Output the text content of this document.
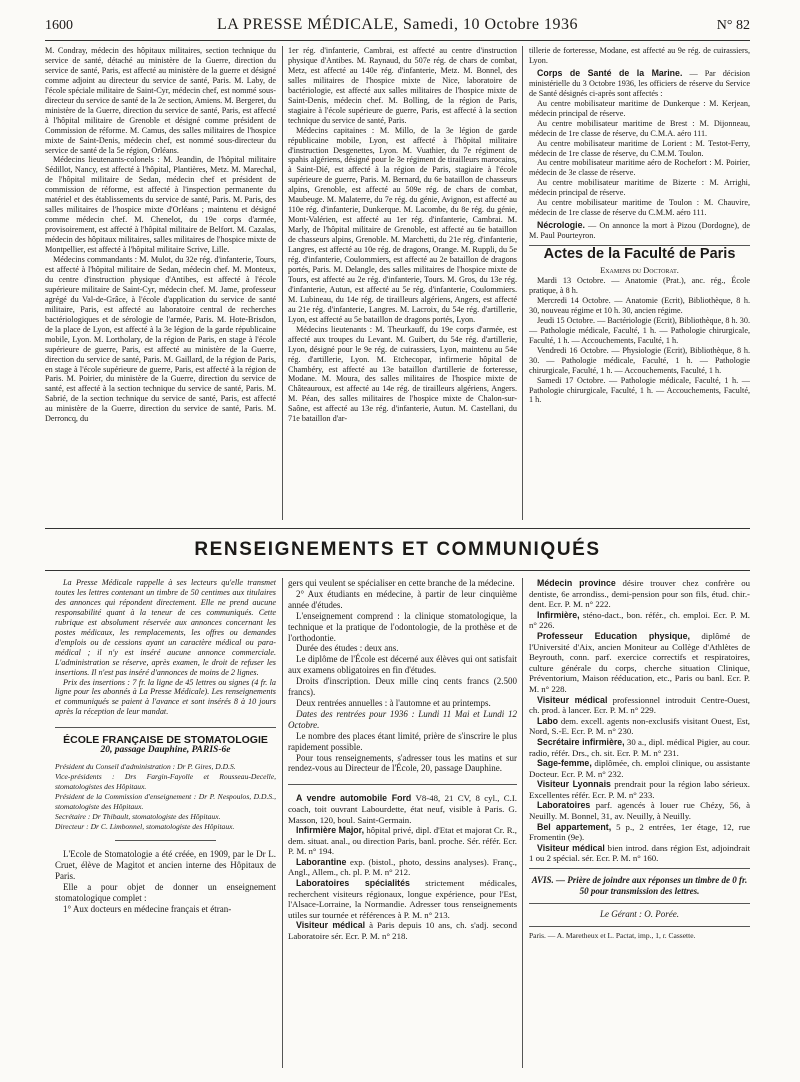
1600	LA PRESSE MÉDICALE, Samedi, 10 Octobre 1936	N° 82

M. Condray, médecin des hôpitaux militaires, section technique du service de santé, détaché au ministère de la Guerre, direction du service de santé, Paris, est affecté au ministère de la guerre et désigné comme adjoint au directeur du service de santé, Paris. M. Laby, de l'école spéciale militaire de Saint-Cyr, médecin chef, est nommé sous-directeur du service de santé de la 2e section, Amiens. M. Bergeret, du ministère de la Guerre, direction du service de santé, Paris, est affecté à l'hôpital militaire de Grenoble et désigné comme président de Commission de réforme. M. Camus, des salles militaires de l'hospice mixte de Saint-Denis, médecin chef, est nommé sous-directeur du service de santé de la 5e région, Orléans.

Médecins lieutenants-colonels : M. Jeandin, de l'hôpital militaire Sédillot, Nancy, est affecté à l'hôpital, Plantières, Metz. M. Marechal, de l'hôpital militaire de Sedan, médecin chef et président de commission de réforme, est affecté à l'inspection permanente du matériel et des établissements du service de santé, Paris. M. Paris, des salles militaires de l'hospice mixte d'Orléans ; maintenu et désigné comme médecin chef. M. Chenelot, du 19e corps d'armée, provisoirement, est affecté à l'hôpital militaire de Belfort. M. Cazalas, médecin des hôpitaux militaires, salles militaires de l'hospice mixte de Montpellier, est affecté à l'hôpital militaire Scrive, Lille.

Médecins commandants : M. Mulot, du 32e rég. d'infanterie, Tours, est affecté à l'hôpital militaire de Sedan, médecin chef. M. Monteux, du centre d'instruction physique d'Antibes, est affecté à l'école supérieure militaire de Saint-Cyr, médecin chef. M. Jame, professeur agrégé du Val-de-Grâce, à l'école d'application du service de santé militaire, Paris, est affecté au laboratoire central de recherches bactériologiques et de sérologie de l'armée, Paris. M. Hote-Brisdon, de la place de Lyon, est affecté à la 3e légion de la garde républicaine mobile, Lyon. M. Lortholary, de la région de Paris, en stage à l'école supérieure de guerre, Paris, est affecté au ministère de la Guerre, direction du service de santé, Paris. M. Gaillard, de la région de Paris, en stage à l'école supérieure de guerre, Paris, est affecté à la région de Paris. M. Poirier, du ministère de la Guerre, direction du service de santé, est affecté à la section technique du service de santé, Paris. M. Sabrié, de la section technique du service de santé, Paris, est affecté au ministère de la Guerre, direction du service de santé, Paris. M. Derroncq, du

1er rég. d'infanterie, Cambrai, est affecté au centre d'instruction physique d'Antibes. M. Raynaud, du 507e rég. de chars de combat, Metz, est affecté au 140e rég. d'infanterie, Metz. M. Bonnel, des salles militaires de l'hospice mixte de Nice, laboratoire de bactériologie, est affecté aux salles militaires de l'hospice mixte de Saint-Denis, médecin chef. M. Bolling, de la région de Paris, stagiaire à l'école supérieure de guerre, Paris, est affecté à la section technique du service de santé, Paris.

Médecins capitaines : M. Millo, de la 3e légion de garde républicaine mobile, Lyon, est affecté à l'hôpital militaire d'instruction Desgenettes, Lyon. M. Vuathier, du 7e régiment de spahis algériens, désigné pour le 3e régiment de tirailleurs marocains, à Saint-Dié, est affecté à la région de Paris, stagiaire à l'école supérieure de guerre, Paris. M. Bernard, du 6e bataillon de chasseurs alpins, Grenoble, est affecté au 509e rég. de chars de combat, Maubeuge. M. Malaterre, du 7e rég. du génie, Avignon, est affecté au 110e rég. d'infanterie, Dunkerque. M. Lacombe, du 8e rég. du génie, Mont-Valérien, est affecté au 1er rég. d'infanterie, Cambrai. M. Marly, de l'hôpital militaire de Grenoble, est affecté au 6e bataillon de chasseurs alpins, Grenoble. M. Marchetti, du 21e rég. d'infanterie, Langres, est affecté au 10e rég. de dragons, Orange. M. Ruppli, du 5e rég. d'infanterie, Coulommiers, est affecté au 2e bataillon de dragons portés, Paris. M. Delangle, des salles militaires de l'hospice mixte de Tours, est affecté au 2e rég. d'infanterie, Tours. M. Gros, du 13e rég. d'infanterie, Autun, est affecté au 5e rég. d'infanterie, Coulommiers. M. Lubineau, du 14e rég. de tirailleurs algériens, Angers, est affecté au 21e rég. d'infanterie, Langres. M. Lacroix, du 54e rég. d'artillerie, Lyon, est affecté au 5e bataillon de dragons portés, Lyon.

Médecins lieutenants : M. Theurkauff, du 19e corps d'armée, est affecté aux troupes du Levant. M. Guibert, du 54e rég. d'artillerie, Lyon, désigné pour le 9e rég. de cuirassiers, Lyon, maintenu au 54e rég. d'artillerie, Lyon. M. Etchecopar, infirmerie hôpital de Chambéry, est affecté au 13e bataillon d'artillerie de forteresse, Modane. M. Moura, des salles militaires de l'hospice mixte de Châteauroux, est affecté au 14e rég. de tirailleurs algériens, Angers. M. Péan, des salles militaires de l'hospice mixte de Chalon-sur-Saône, est affecté au 13e rég. d'infanterie, Autun. M. Castellani, du 71e bataillon d'ar-

tillerie de forteresse, Modane, est affecté au 9e rég. de cuirassiers, Lyon.

Corps de Santé de la Marine. — Par décision ministérielle du 3 Octobre 1936, les officiers de réserve du Service de Santé désignés ci-après sont affectés :

Au centre mobilisateur maritime de Dunkerque : M. Kerjean, médecin principal de réserve.

Au centre mobilisateur maritime de Brest : M. Dijonneau, médecin de 1re classe de réserve, du C.M.A. aéro 111.

Au centre mobilisateur maritime de Lorient : M. Testot-Ferry, médecin de 1re classe de réserve, du C.M.M. Toulon.

Au centre mobilisateur maritime aéro de Rochefort : M. Poirier, médecin de 3e classe de réserve.

Au centre mobilisateur maritime de Bizerte : M. Arrighi, médecin principal de réserve.

Au centre mobilisateur maritime de Toulon : M. Chauvire, médecin de 1re classe de réserve du C.M.M. aéro 111.

Nécrologie. — On annonce la mort à Pizou (Dordogne), de M. Paul Pourteyron.

Actes de la Faculté de Paris

Examens du Doctorat.

Mardi 13 Octobre. — Anatomie (Prat.), anc. rég., École pratique, à 8 h.

Mercredi 14 Octobre. — Anatomie (Ecrit), Bibliothèque, 8 h. 30, nouveau régime et 10 h. 30, ancien régime.

Jeudi 15 Octobre. — Bactériologie (Ecrit), Bibliothèque, 8 h. 30. — Pathologie médicale, Faculté, 1 h. — Pathologie chirurgicale, Faculté, 1 h. — Accouchements, Faculté, 1 h.

Vendredi 16 Octobre. — Physiologie (Ecrit), Bibliothèque, 8 h. 30. — Pathologie médicale, Faculté, 1 h. — Pathologie chirurgicale, Faculté, 1 h. — Accouchements, Faculté, 1 h.

Samedi 17 Octobre. — Pathologie médicale, Faculté, 1 h. — Pathologie chirurgicale, Faculté, 1 h. — Accouchements, Faculté, 1 h.

RENSEIGNEMENTS ET COMMUNIQUÉS

La Presse Médicale rappelle à ses lecteurs qu'elle transmet toutes les lettres contenant un timbre de 50 centimes aux titulaires des annonces qui répondent directement. Elle ne prend aucune responsabilité quant à la teneur de ces communiqués. Cette rubrique est absolument réservée aux annonces concernant les postes médicaux, les remplacements, les offres ou demandes d'emplois ou de cessions ayant un caractère médical ou para-médical ; il n'y est inséré aucune annonce commerciale. L'administration se réserve, après examen, le droit de refuser les insertions. Il n'est pas inséré d'annonces de moins de 2 lignes.

Prix des insertions : 7 fr. la ligne de 45 lettres ou signes (4 fr. la ligne pour les abonnés à La Presse Médicale). Les renseignements et communiqués se paient à l'avance et sont insérés 8 à 10 jours après la réception de leur mandat.

ÉCOLE FRANÇAISE DE STOMATOLOGIE
20, passage Dauphine, PARIS-6e

Président du Conseil d'administration : Dr P. Gires, D.D.S.

Vice-présidents : Drs Fargin-Fayolle et Rousseau-Decelle, stomatologistes des Hôpitaux.

Président de la Commission d'enseignement : Dr P. Nespoulos, D.D.S., stomatologiste des Hôpitaux.

Secrétaire : Dr Thibault, stomatologiste des Hôpitaux.

Directeur : Dr C. Limbonnel, stomatologiste des Hôpitaux.

L'Ecole de Stomatologie a été créée, en 1909, par le Dr L. Cruet, élève de Magitot et ancien interne des Hôpitaux de Paris.

Elle a pour objet de donner un enseignement stomatologique complet :

1° Aux docteurs en médecine français et étran-

gers qui veulent se spécialiser en cette branche de la médecine.

2° Aux étudiants en médecine, à partir de leur cinquième année d'études.

L'enseignement comprend : la clinique stomatologique, la technique et la pratique de l'odontologie, de la prothèse et de l'orthodontie.

Durée des études : deux ans.

Le diplôme de l'École est décerné aux élèves qui ont satisfait aux examens obligatoires en fin d'études.

Droits d'inscription. Deux mille cinq cents francs (2.500 francs).

Deux rentrées annuelles : à l'automne et au printemps.

Dates des rentrées pour 1936 : Lundi 11 Mai et Lundi 12 Octobre.

Le nombre des places étant limité, prière de s'inscrire le plus rapidement possible.

Pour tous renseignements, s'adresser tous les matins et sur rendez-vous au Directeur de l'École, 20, passage Dauphine.

A vendre automobile Ford V8-48, 21 CV, 8 cyl., C.I. coach, toit ouvrant Labourdette, état neuf, visible à Paris. G. Masson, 120, boul. Saint-Germain.

Infirmière Major, hôpital privé, dipl. d'Etat et majorat Cr. R., dem. situat. anal., ou direction Paris, banl. proche. Sér. référ. Ecr. P. M. n° 194.

Laborantine exp. (bistol., photo, dessins analyses). Franç., Angl., Allem., ch. pl. P. M. n° 212.

Laboratoires spécialités strictement médicales, recherchent visiteurs régionaux, longue expérience, pour l'Est, l'Alsace-Lorraine, la Normandie. Adresser tous renseignements utiles sur tournée et références à P. M. n° 213.

Visiteur médical à Paris depuis 10 ans, ch. s'adj. second Laboratoire sér. Ecr. P. M. n° 218.

Médecin province désire trouver chez confrère ou dentiste, 6e arrondiss., demi-pension pour son fils, étud. chir.-dent. Ecr. P. M. n° 222.

Infirmière, sténo-dact., bon. référ., ch. emploi. Ecr. P. M. n° 226.

Professeur Education physique, diplômé de l'Université d'Aix, ancien Moniteur au Collège d'Athlètes de Beyrouth, conn. parf. exercice correctifs et respiratoires, culture générale du corps, cherche situation Clinique, Préventorium, Maison rééducation, etc., Paris ou banl. Ecr. P. M. n° 228.

Visiteur médical professionnel introduit Centre-Ouest, ch. prod. à lancer. Ecr. P. M. n° 229.

Labo dem. excell. agents non-exclusifs visitant Ouest, Est, Nord, S.-E. Ecr. P. M. n° 230.

Secrétaire infirmière, 30 a., dipl. médical Pigier, au cour. radio, référ. Drs., ch. sit. Ecr. P. M. n° 231.

Sage-femme, diplômée, ch. emploi clinique, ou assistante Docteur. Ecr. P. M. n° 232.

Visiteur Lyonnais prendrait pour la région labo sérieux. Excellentes référ. Ecr. P. M. n° 233.

Laboratoires parf. agencés à louer rue Chézy, 56, à Neuilly. M. Bonnel, 31, av. Neuilly, à Neuilly.

Bel appartement, 5 p., 2 entrées, 1er étage, 12, rue Fromentin (9e).

Visiteur médical bien introd. dans région Est, adjoindrait 1 ou 2 spécial. sér. Ecr. P. M. n° 160.

AVIS. — Prière de joindre aux réponses un timbre de 0 fr. 50 pour transmission des lettres.
Le Gérant : O. Porée.
Paris. — A. Maretheux et L. Pactat, imp., 1, r. Cassette.
